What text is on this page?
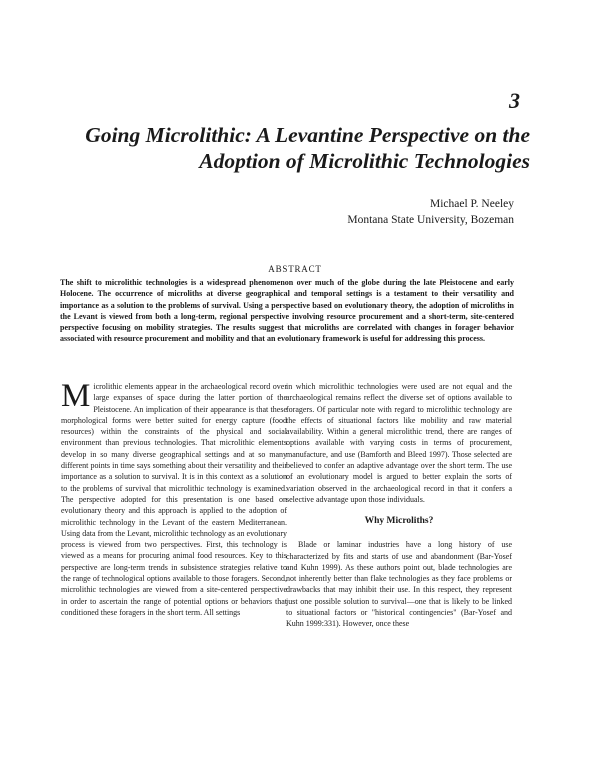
3
Going Microlithic: A Levantine Perspective on the Adoption of Microlithic Technologies
Michael P. Neeley
Montana State University, Bozeman
ABSTRACT

The shift to microlithic technologies is a widespread phenomenon over much of the globe during the late Pleistocene and early Holocene. The occurrence of microliths at diverse geographical and temporal settings is a testament to their versatility and importance as a solution to the problems of survival. Using a perspective based on evolutionary theory, the adoption of microliths in the Levant is viewed from both a long-term, regional perspective involving resource procurement and a short-term, site-centered perspective focusing on mobility strategies. The results suggest that microliths are correlated with changes in forager behavior associated with resource procurement and mobility and that an evolutionary framework is useful for addressing this process.

M icrolithic elements appear in the archaeological record over large expanses of space during the latter portion of the Pleistocene. An implication of their appearance is that these morphological forms were better suited for energy capture (food resources) within the constraints of the physical and social environment than previous technologies. That microlithic elements develop in so many diverse geographical settings and at so many different points in time says something about their versatility and their importance as a solution to survival. It is in this context as a solution to the problems of survival that microlithic technology is examined. The perspective adopted for this presentation is one based on evolutionary theory and this approach is applied to the adoption of microlithic technology in the Levant of the eastern Mediterranean. Using data from the Levant, microlithic technology as an evolutionary process is viewed from two perspectives. First, this technology is viewed as a means for procuring animal food resources. Key to this perspective are long-term trends in subsistence strategies relative to the range of technological options available to those foragers. Second, microlithic technologies are viewed from a site-centered perspective in order to ascertain the range of potential options or behaviors that conditioned these foragers in the short term. All settings

in which microlithic technologies were used are not equal and the archaeological remains reflect the diverse set of options available to foragers. Of particular note with regard to microlithic technology are the effects of situational factors like mobility and raw material availability. Within a general microlithic trend, there are ranges of options available with varying costs in terms of procurement, manufacture, and use (Bamforth and Bleed 1997). Those selected are believed to confer an adaptive advantage over the short term. The use of an evolutionary model is argued to better explain the sorts of variation observed in the archaeological record in that it confers a selective advantage upon those individuals.

Why Microliths?

Blade or laminar industries have a long history of use characterized by fits and starts of use and abandonment (Bar-Yosef and Kuhn 1999). As these authors point out, blade technologies are not inherently better than flake technologies as they face problems or drawbacks that may inhibit their use. In this respect, they represent just one possible solution to survival—one that is likely to be linked to situational factors or "historical contingencies" (Bar-Yosef and Kuhn 1999:331). However, once these
